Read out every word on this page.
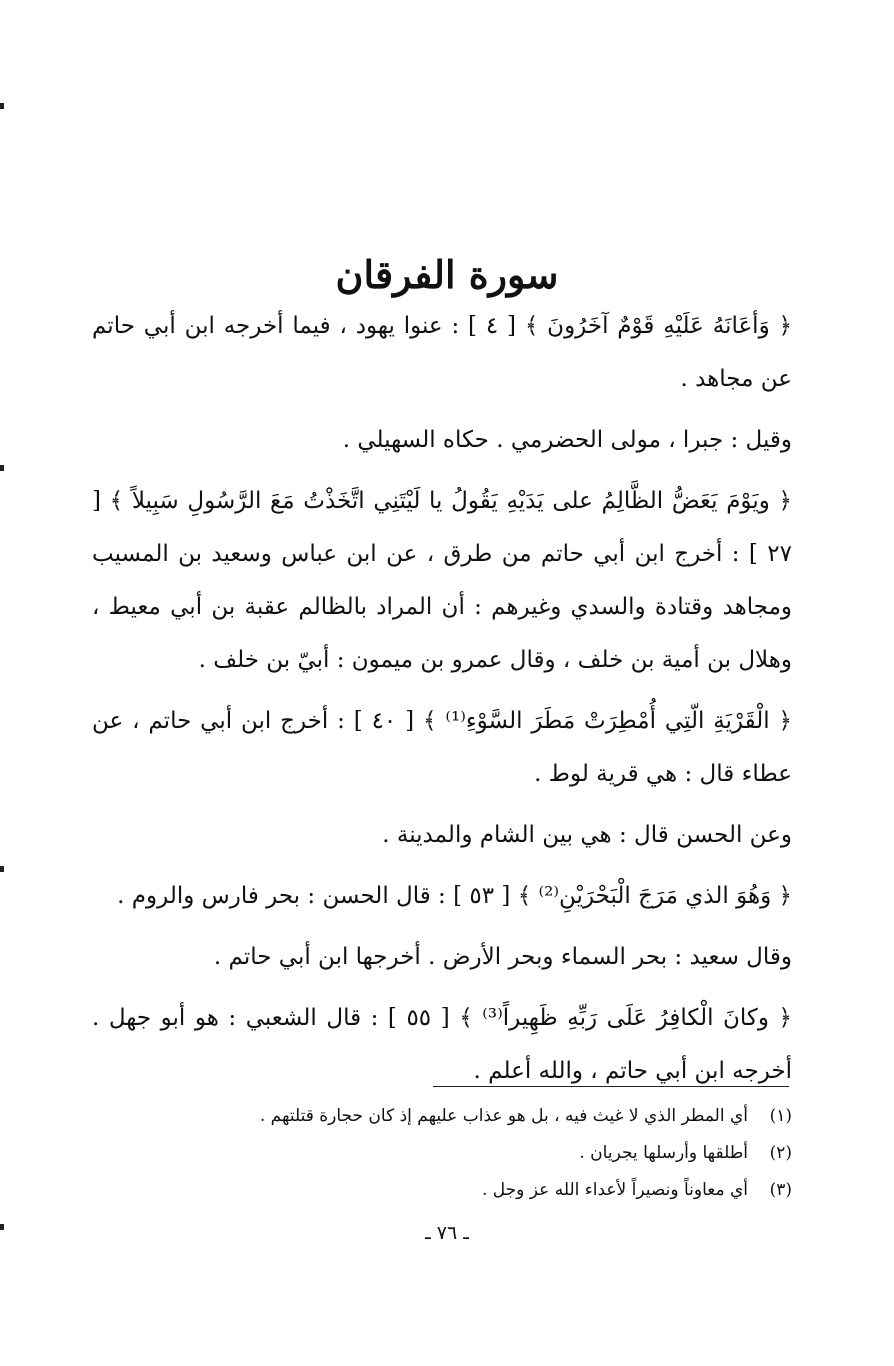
سورة الفرقان

﴿ وَأعَانَهُ عَلَيْهِ قَوْمٌ آخَرُونَ ﴾ [ ٤ ] : عنوا يهود ، فيما أخرجه ابن أبي حاتم عن مجاهد .

وقيل : جبرا ، مولى الحضرمي . حكاه السهيلي .

﴿ ويَوْمَ يَعَضُّ الظَّالِمُ على يَدَيْهِ يَقُولُ يا لَيْتَنِي اتَّخَذْتُ مَعَ الرَّسُولِ سَبِيلاً ﴾ [ ٢٧ ] : أخرج ابن أبي حاتم من طرق ، عن ابن عباس وسعيد بن المسيب ومجاهد وقتادة والسدي وغيرهم : أن المراد بالظالم عقبة بن أبي معيط ، وهلال بن أمية بن خلف ، وقال عمرو بن ميمون : أبيّ بن خلف .

﴿ الْقَرْيَةِ الّتِي أُمْطِرَتْ مَطَرَ السَّوْءِ⁽¹⁾ ﴾ [ ٤٠ ] : أخرج ابن أبي حاتم ، عن عطاء قال : هي قرية لوط .

وعن الحسن قال : هي بين الشام والمدينة .

﴿ وَهُوَ الذي مَرَجَ الْبَحْرَيْنِ⁽²⁾ ﴾ [ ٥٣ ] : قال الحسن : بحر فارس والروم .

وقال سعيد : بحر السماء وبحر الأرض . أخرجها ابن أبي حاتم .

﴿ وكانَ الْكافِرُ عَلَى رَبِّهِ ظَهِيراً⁽³⁾ ﴾ [ ٥٥ ] : قال الشعبي : هو أبو جهل . أخرجه ابن أبي حاتم ، والله أعلم .

(١)
أي المطر الذي لا غيث فيه ، بل هو عذاب عليهم إذ كان حجارة قتلتهم .
(٢)
أطلقها وأرسلها يجريان .
(٣)
أي معاوناً ونصيراً لأعداء الله عز وجل .
ـ ٧٦ ـ
